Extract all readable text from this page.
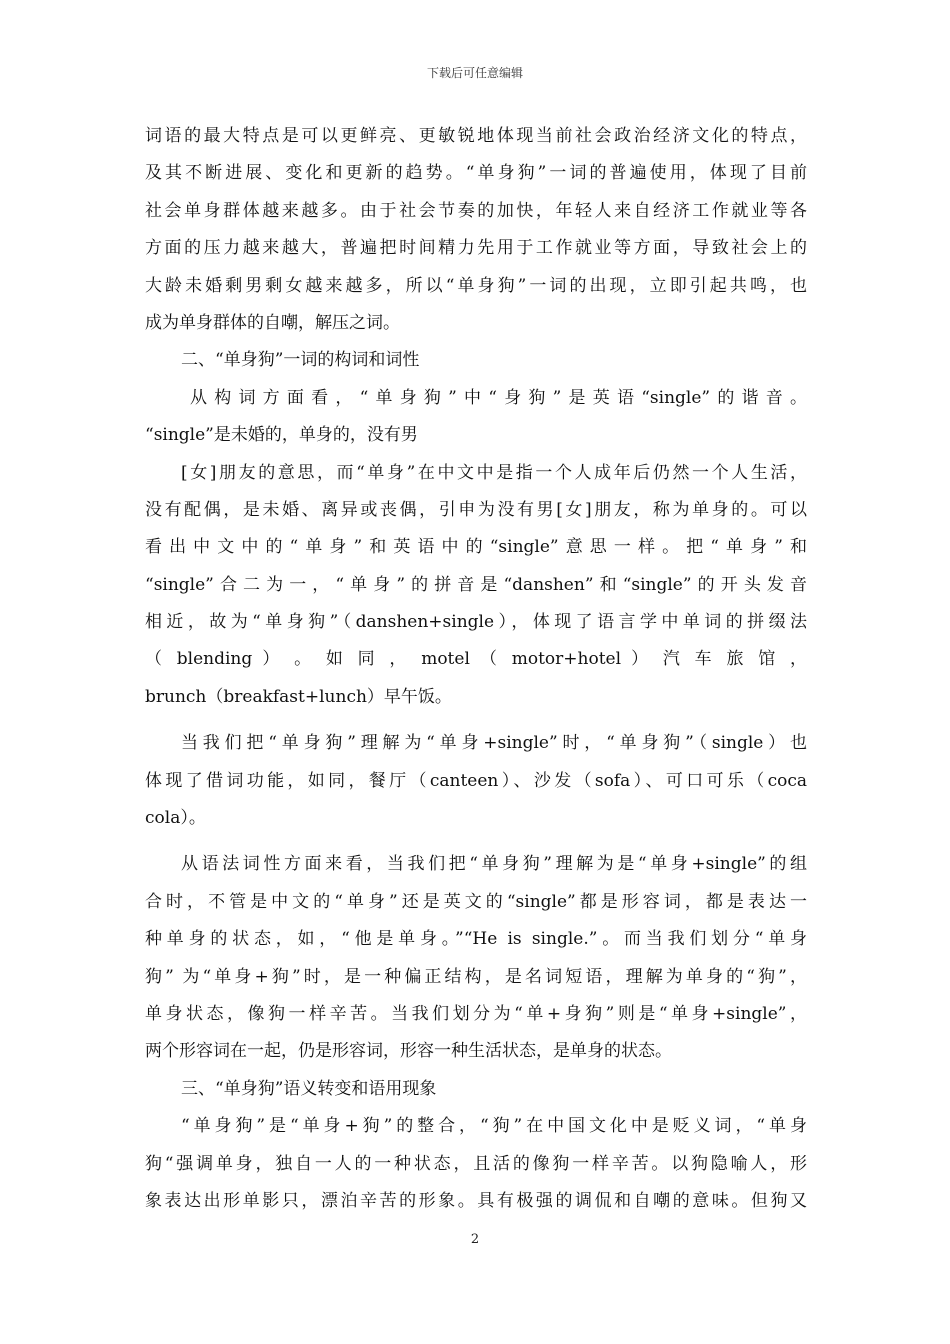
下载后可任意编辑
词语的最大特点是可以更鲜亮、更敏锐地体现当前社会政治经济文化的特点，
及其不断进展、变化和更新的趋势。“单身狗”一词的普遍使用，体现了目前
社会单身群体越来越多。由于社会节奏的加快，年轻人来自经济工作就业等各
方面的压力越来越大，普遍把时间精力先用于工作就业等方面，导致社会上的
大龄未婚剩男剩女越来越多，所以“单身狗”一词的出现，立即引起共鸣，也
成为单身群体的自嘲，解压之词。
二、“单身狗”一词的构词和词性
从构词方面看，“单身狗”中“身狗”是英语“single”的谐音。
“single”是未婚的，单身的，没有男
[女]朋友的意思，而“单身”在中文中是指一个人成年后仍然一个人生活，
没有配偶，是未婚、离异或丧偶，引申为没有男[女]朋友，称为单身的。可以
看出中文中的“单身”和英语中的“single”意思一样。把“单身”和
“single”合二为一，“单身”的拼音是“danshen”和“single”的开头发音
相近，故为“单身狗”（danshen+single），体现了语言学中单词的拼缀法
（ blending ） 。 如 同 ， motel （ motor+hotel ） 汽 车 旅 馆 ，
brunch（breakfast+lunch）早午饭。
当我们把“单身狗”理解为“单身+single”时，“单身狗”（single）也
体现了借词功能，如同，餐厅（canteen）、沙发（sofa）、可口可乐（coca
cola）。
从语法词性方面来看，当我们把“单身狗”理解为是“单身+single”的组
合时，不管是中文的“单身”还是英文的“single”都是形容词，都是表达一
种单身的状态，如，“他是单身。”“He is single.”。而当我们划分“单身
狗” 为“单身+狗”时，是一种偏正结构，是名词短语，理解为单身的“狗”，
单身状态，像狗一样辛苦。当我们划分为“单+身狗”则是“单身+single”，
两个形容词在一起，仍是形容词，形容一种生活状态，是单身的状态。
三、“单身狗”语义转变和语用现象
“单身狗”是“单身+狗”的整合，“狗”在中国文化中是贬义词，“单身
狗“强调单身，独自一人的一种状态，且活的像狗一样辛苦。以狗隐喻人，形
象表达出形单影只，漂泊辛苦的形象。具有极强的调侃和自嘲的意味。但狗又
2
